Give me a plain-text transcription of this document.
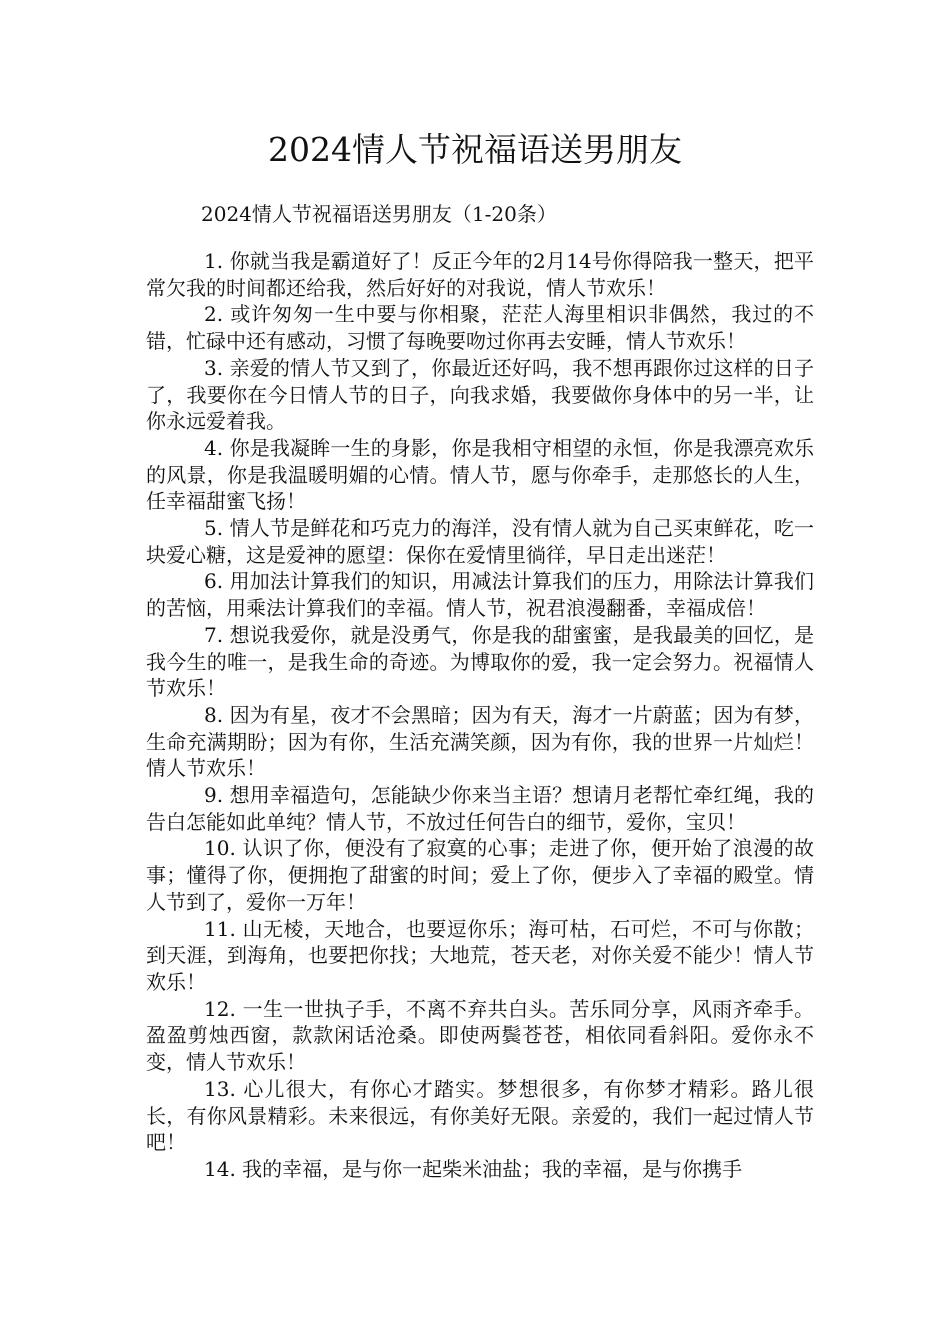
2024情人节祝福语送男朋友

2024情人节祝福语送男朋友（1-20条）

1. 你就当我是霸道好了！反正今年的2月14号你得陪我一整天，把平常欠我的时间都还给我，然后好好的对我说，情人节欢乐！

2. 或许匆匆一生中要与你相聚，茫茫人海里相识非偶然，我过的不错，忙碌中还有感动，习惯了每晚要吻过你再去安睡，情人节欢乐！

3. 亲爱的情人节又到了，你最近还好吗，我不想再跟你过这样的日子了，我要你在今日情人节的日子，向我求婚，我要做你身体中的另一半，让你永远爱着我。

4. 你是我凝眸一生的身影，你是我相守相望的永恒，你是我漂亮欢乐的风景，你是我温暖明媚的心情。情人节，愿与你牵手，走那悠长的人生，任幸福甜蜜飞扬！

5. 情人节是鲜花和巧克力的海洋，没有情人就为自己买束鲜花，吃一块爱心糖，这是爱神的愿望：保你在爱情里徜徉，早日走出迷茫！

6. 用加法计算我们的知识，用减法计算我们的压力，用除法计算我们的苦恼，用乘法计算我们的幸福。情人节，祝君浪漫翻番，幸福成倍！

7. 想说我爱你，就是没勇气，你是我的甜蜜蜜，是我最美的回忆，是我今生的唯一，是我生命的奇迹。为博取你的爱，我一定会努力。祝福情人节欢乐！

8. 因为有星，夜才不会黑暗；因为有天，海才一片蔚蓝；因为有梦，生命充满期盼；因为有你，生活充满笑颜，因为有你，我的世界一片灿烂！情人节欢乐！

9. 想用幸福造句，怎能缺少你来当主语？想请月老帮忙牵红绳，我的告白怎能如此单纯？情人节，不放过任何告白的细节，爱你，宝贝！

10. 认识了你，便没有了寂寞的心事；走进了你，便开始了浪漫的故事；懂得了你，便拥抱了甜蜜的时间；爱上了你，便步入了幸福的殿堂。情人节到了，爱你一万年！

11. 山无棱，天地合，也要逗你乐；海可枯，石可烂，不可与你散；到天涯，到海角，也要把你找；大地荒，苍天老，对你关爱不能少！情人节欢乐！

12. 一生一世执子手，不离不弃共白头。苦乐同分享，风雨齐牵手。盈盈剪烛西窗，款款闲话沧桑。即使两鬓苍苍，相依同看斜阳。爱你永不变，情人节欢乐！

13. 心儿很大，有你心才踏实。梦想很多，有你梦才精彩。路儿很长，有你风景精彩。未来很远，有你美好无限。亲爱的，我们一起过情人节吧！

14. 我的幸福，是与你一起柴米油盐；我的幸福，是与你携手
